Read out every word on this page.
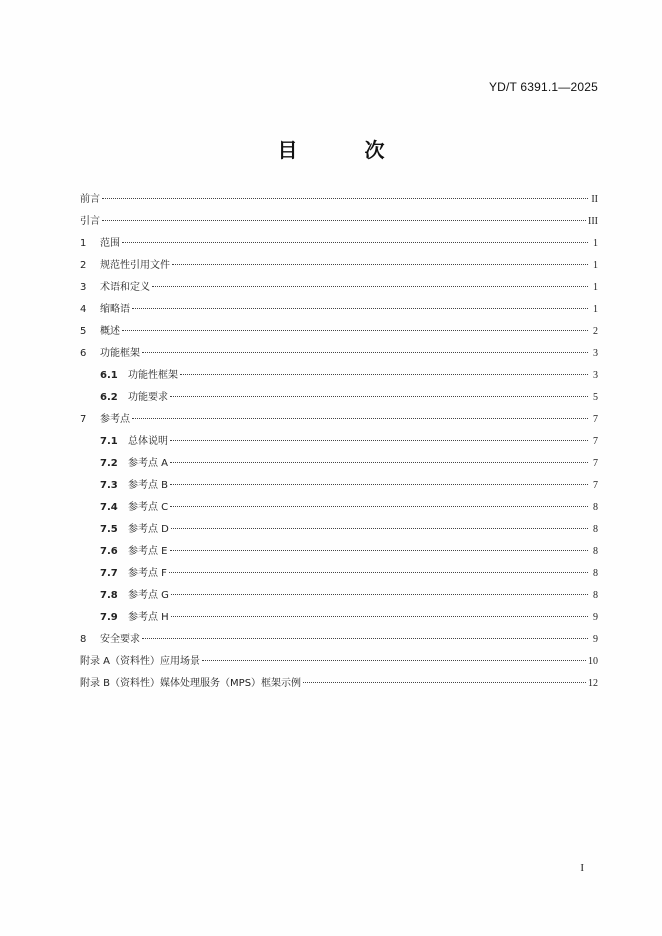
YD/T 6391.1—2025
目 次
前言	II
引言	III
1	范围	1
2	规范性引用文件	1
3	术语和定义	1
4	缩略语	1
5	概述	2
6	功能框架	3
6.1	功能性框架	3
6.2	功能要求	5
7	参考点	7
7.1	总体说明	7
7.2	参考点 A	7
7.3	参考点 B	7
7.4	参考点 C	8
7.5	参考点 D	8
7.6	参考点 E	8
7.7	参考点 F	8
7.8	参考点 G	8
7.9	参考点 H	9
8	安全要求	9
附录 A（资料性）应用场景	10
附录 B（资料性）媒体处理服务（MPS）框架示例	12
I
